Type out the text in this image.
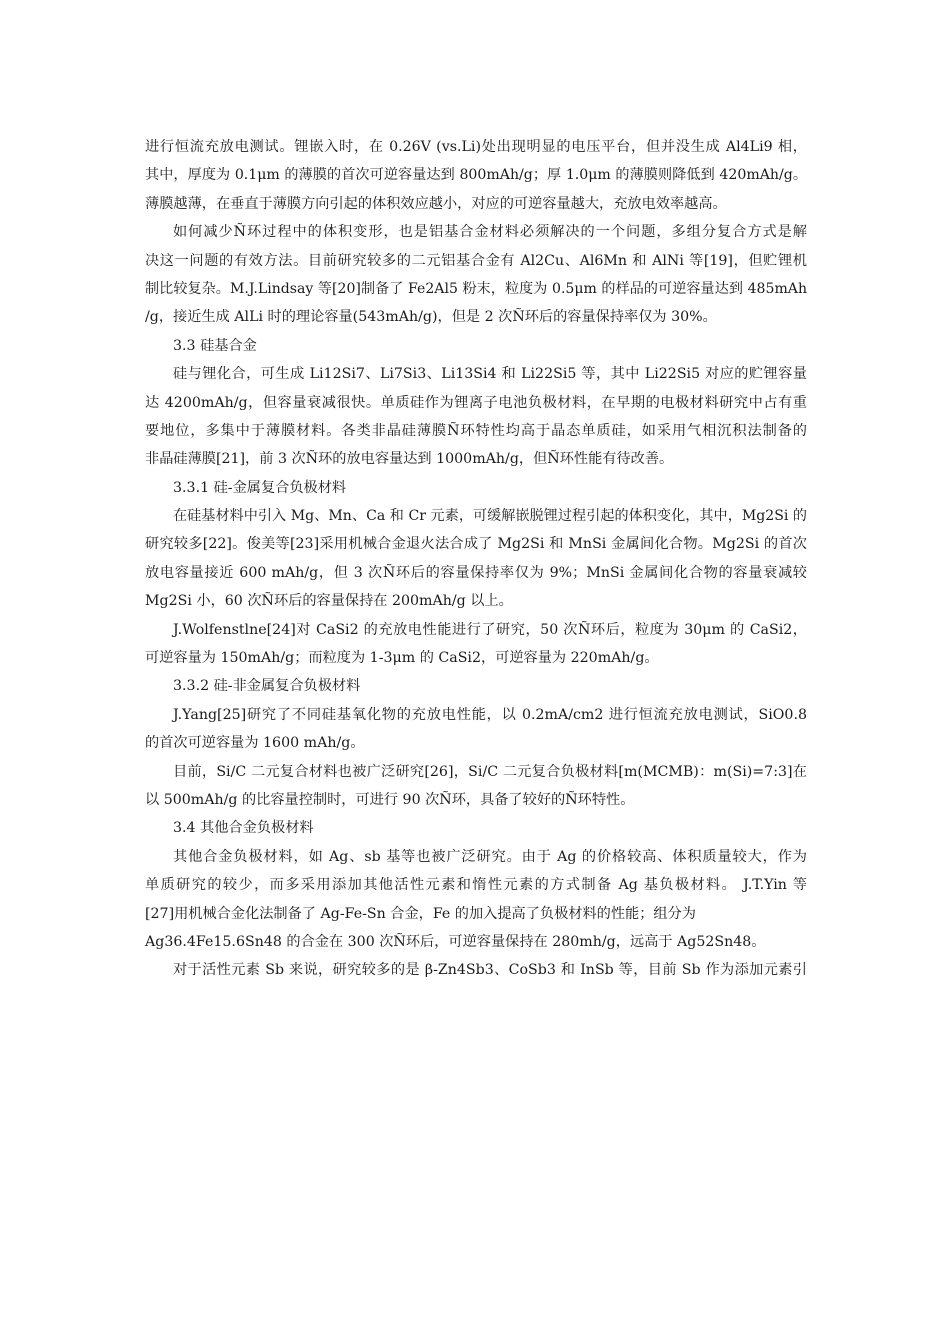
进行恒流充放电测试。锂嵌入时，在 0.26V (vs.Li)处出现明显的电压平台，但并没生成 Al4Li9 相，
其中，厚度为 0.1μm 的薄膜的首次可逆容量达到 800mAh/g；厚 1.0μm 的薄膜则降低到 420mAh/g。
薄膜越薄，在垂直于薄膜方向引起的体积效应越小，对应的可逆容量越大，充放电效率越高。
如何减少Ñ环过程中的体积变形，也是铝基合金材料必须解决的一个问题，多组分复合方式是解
决这一问题的有效方法。目前研究较多的二元铝基合金有 Al2Cu、Al6Mn 和 AlNi 等[19]，但贮锂机
制比较复杂。M.J.Lindsay 等[20]制备了 Fe2Al5 粉末，粒度为 0.5μm 的样品的可逆容量达到 485mAh
/g，接近生成 AlLi 时的理论容量(543mAh/g)，但是 2 次Ñ环后的容量保持率仅为 30%。
3.3 硅基合金
硅与锂化合，可生成 Li12Si7、Li7Si3、Li13Si4 和 Li22Si5 等，其中 Li22Si5 对应的贮锂容量
达 4200mAh/g，但容量衰减很快。单质硅作为锂离子电池负极材料，在早期的电极材料研究中占有重
要地位，多集中于薄膜材料。各类非晶硅薄膜Ñ环特性均高于晶态单质硅，如采用气相沉积法制备的
非晶硅薄膜[21]，前 3 次Ñ环的放电容量达到 1000mAh/g，但Ñ环性能有待改善。
3.3.1 硅-金属复合负极材料
在硅基材料中引入 Mg、Mn、Ca 和 Cr 元素，可缓解嵌脱锂过程引起的体积变化，其中，Mg2Si 的
研究较多[22]。俊美等[23]采用机械合金退火法合成了 Mg2Si 和 MnSi 金属间化合物。Mg2Si 的首次
放电容量接近 600 mAh/g，但 3 次Ñ环后的容量保持率仅为 9%；MnSi 金属间化合物的容量衰减较
Mg2Si 小，60 次Ñ环后的容量保持在 200mAh/g 以上。
J.Wolfenstlne[24]对 CaSi2 的充放电性能进行了研究，50 次Ñ环后，粒度为 30μm 的 CaSi2，
可逆容量为 150mAh/g；而粒度为 1-3μm 的 CaSi2，可逆容量为 220mAh/g。
3.3.2 硅-非金属复合负极材料
J.Yang[25]研究了不同硅基氧化物的充放电性能，以 0.2mA/cm2 进行恒流充放电测试，SiO0.8
的首次可逆容量为 1600 mAh/g。
目前，Si/C 二元复合材料也被广泛研究[26]，Si/C 二元复合负极材料[m(MCMB)：m(Si)=7:3]在
以 500mAh/g 的比容量控制时，可进行 90 次Ñ环，具备了较好的Ñ环特性。
3.4 其他合金负极材料
其他合金负极材料，如 Ag、sb 基等也被广泛研究。由于 Ag 的价格较高、体积质量较大，作为
单质研究的较少，而多采用添加其他活性元素和惰性元素的方式制备 Ag 基负极材料。 J.T.Yin 等
[27]用机械合金化法制备了 Ag-Fe-Sn 合金，Fe 的加入提高了负极材料的性能；组分为
Ag36.4Fe15.6Sn48 的合金在 300 次Ñ环后，可逆容量保持在 280mh/g，远高于 Ag52Sn48。
对于活性元素 Sb 来说，研究较多的是 β-Zn4Sb3、CoSb3 和 InSb 等，目前 Sb 作为添加元素引
